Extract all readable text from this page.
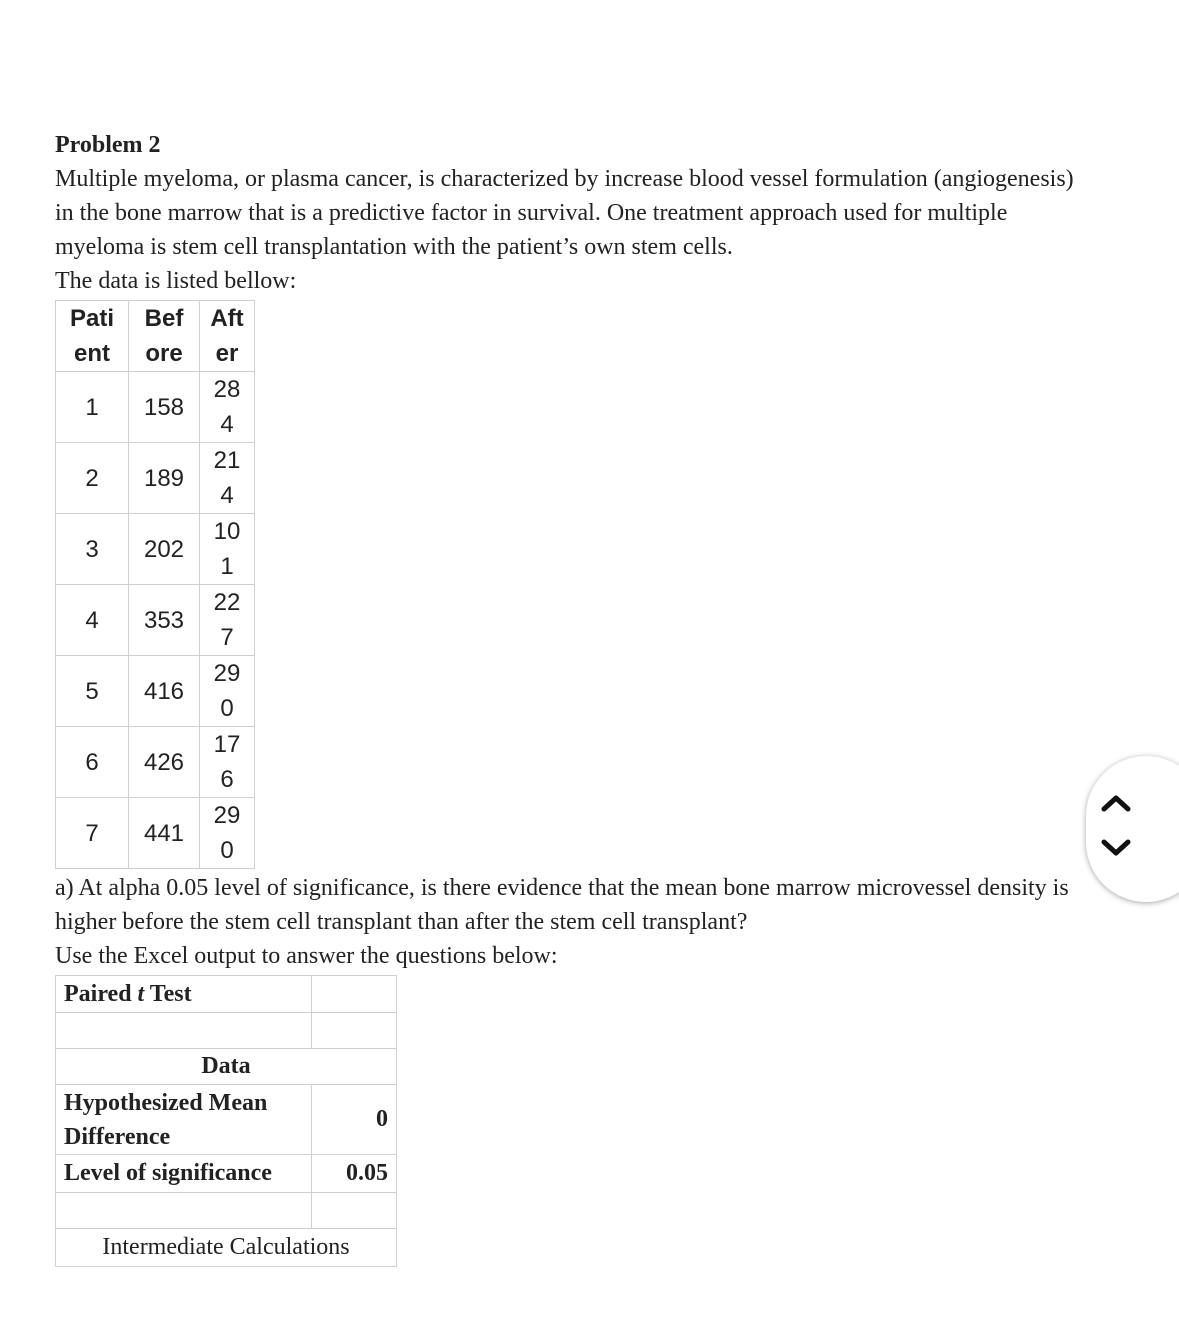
Problem 2

Multiple myeloma, or plasma cancer, is characterized by increase blood vessel formulation (angiogenesis) in the bone marrow that is a predictive factor in survival. One treatment approach used for multiple myeloma is stem cell transplantation with the patient’s own stem cells.

The data is listed bellow:

Patient	Before	After
1	158	284
2	189	214
3	202	101
4	353	227
5	416	290
6	426	176
7	441	290

a) At alpha 0.05 level of significance, is there evidence that the mean bone marrow microvessel density is higher before the stem cell transplant than after the stem cell transplant?

Use the Excel output to answer the questions below:

Paired t Test	

Data	
Hypothesized Mean Difference	0
Level of significance	0.05

Intermediate Calculations	
